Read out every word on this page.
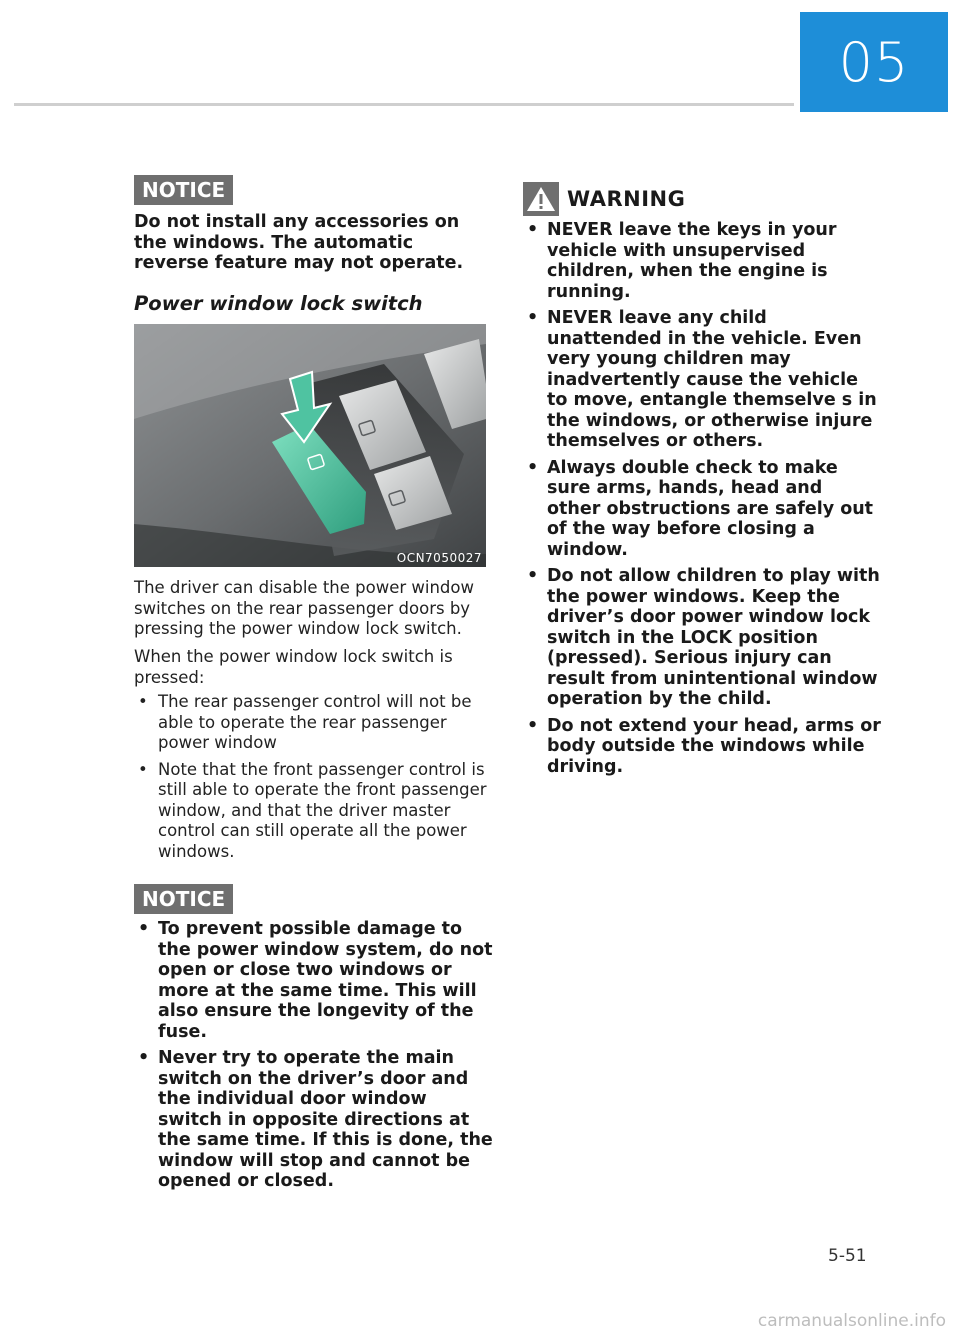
05
NOTICE
Do not install any accessories on the windows. The automatic reverse feature may not operate.
Power window lock switch
OCN7050027
The driver can disable the power window switches on the rear passenger doors by pressing the power window lock switch.
When the power window lock switch is pressed:
• The rear passenger control will not be able to operate the rear passenger power window
• Note that the front passenger control is still able to operate the front passenger window, and that the driver master control can still operate all the power windows.
NOTICE
• To prevent possible damage to the power window system, do not open or close two windows or more at the same time. This will also ensure the longevity of the fuse.
• Never try to operate the main switch on the driver’s door and the individual door window switch in opposite directions at the same time. If this is done, the window will stop and cannot be opened or closed.
WARNING
• NEVER leave the keys in your vehicle with unsupervised children, when the engine is running.
• NEVER leave any child unattended in the vehicle. Even very young children may inadvertently cause the vehicle to move, entangle themselve s in the windows, or otherwise injure themselves or others.
• Always double check to make sure arms, hands, head and other obstructions are safely out of the way before closing a window.
• Do not allow children to play with the power windows. Keep the driver’s door power window lock switch in the LOCK position (pressed). Serious injury can result from unintentional window operation by the child.
• Do not extend your head, arms or body outside the windows while driving.
5-51
carmanualsonline.info
